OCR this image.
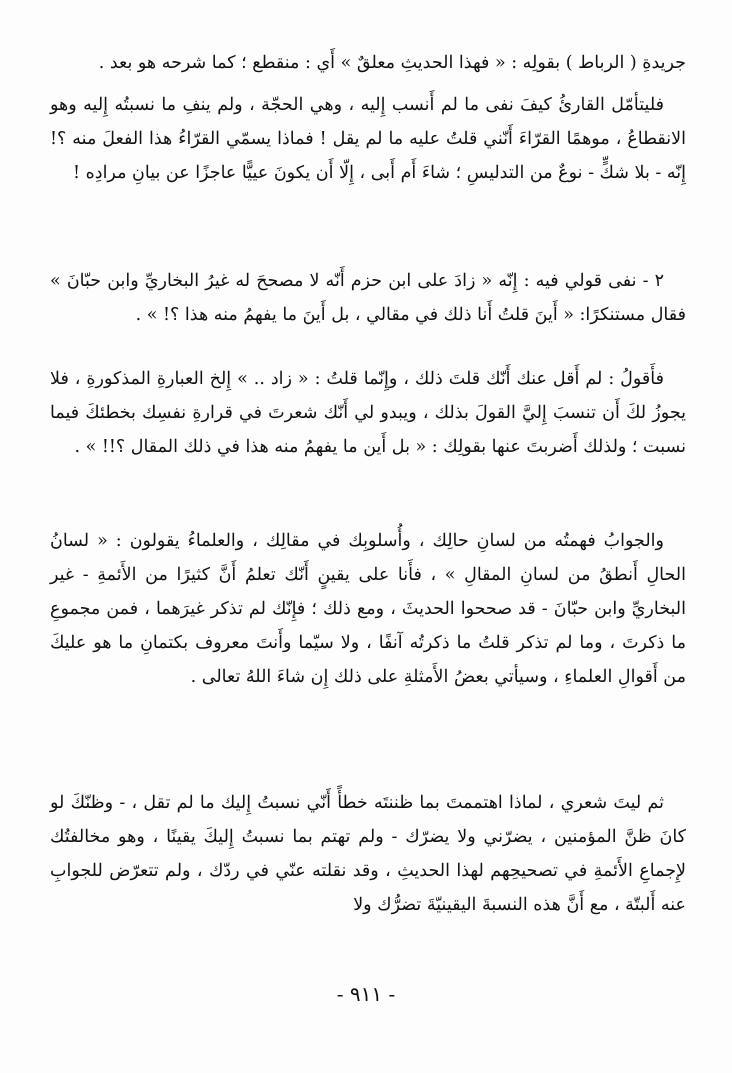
جريدةِ ( الرباط ) بقولِه : « فهذا الحديثِ معلقٌ » أَي : منقطع ؛ كما شرحه هو بعد .

فليتأمّل القارئُ كيفَ نفى ما لم أَنسب إِليه ، وهي الحجّة ، ولم ينفِ ما نسبتُه إِليه وهو الانقطاعُ ، موهمًا القرّاءَ أَنّني قلتُ عليه ما لم يقل ! فماذا يسمّي القرّاءُ هذا الفعلَ منه ؟! إِنّه - بلا شكٍّ - نوعٌ من التدليسِ ؛ شاءَ أَم أَبى ، إِلّا أَن يكونَ عييًّا عاجزًا عن بيانِ مرادِه !

٢ - نفى قولي فيه : إِنّه « زادَ على ابن حزم أَنّه لا مصححَ له غيرُ البخاريِّ وابن حبّانَ » فقال مستنكرًا: « أَينَ قلتُ أَنا ذلك في مقالي ، بل أَينَ ما يفهمُ منه هذا ؟! » .

فأَقولُ : لم أَقل عنك أَنّك قلتَ ذلك ، وإِنّما قلتُ : « زاد .. » إِلخ العبارةِ المذكورةِ ، فلا يجوزُ لكَ أَن تنسبَ إِليَّ القولَ بذلك ، ويبدو لي أَنّك شعرتَ في قرارةِ نفسِك بخطئكَ فيما نسبت ؛ ولذلك أَضربتَ عنها بقولِك : « بل أَين ما يفهمُ منه هذا في ذلك المقال ؟!! » .

والجوابُ فهمتُه من لسانِ حالِك ، وأُسلوبِك في مقالِك ، والعلماءُ يقولون : « لسانُ الحالِ أَنطقُ من لسانِ المقالِ » ، فأَنا على يقينٍ أَنّك تعلمُ أَنَّ كثيرًا من الأَئمةِ - غير البخاريِّ وابن حبّانَ - قد صححوا الحديثَ ، ومع ذلك ؛ فإِنّك لم تذكر غيرَهما ، فمن مجموعِ ما ذكرتَ ، وما لم تذكر قلتُ ما ذكرتُه آنفًا ، ولا سيّما وأَنتَ معروف بكتمانِ ما هو عليكَ من أَقوالِ العلماءِ ، وسيأتي بعضُ الأَمثلةِ على ذلك إِن شاءَ اللهُ تعالى .

ثم ليتَ شعري ، لماذا اهتممتَ بما ظننتَه خطأً أَنّي نسبتُ إِليك ما لم تقل ، - وظنّكَ لو كانَ ظنَّ المؤمنين ، يضرّني ولا يضرّك - ولم تهتم بما نسبتُ إِليكَ يقينًا ، وهو مخالفتُك لإِجماعِ الأَئمةِ في تصحيحِهم لهذا الحديثِ ، وقد نقلته عنّي في ردّك ، ولم تتعرّض للجوابِ عنه أَلبتّة ، مع أَنَّ هذه النسبةَ اليقينيّةَ تضرُّك ولا

- ٩١١ -
